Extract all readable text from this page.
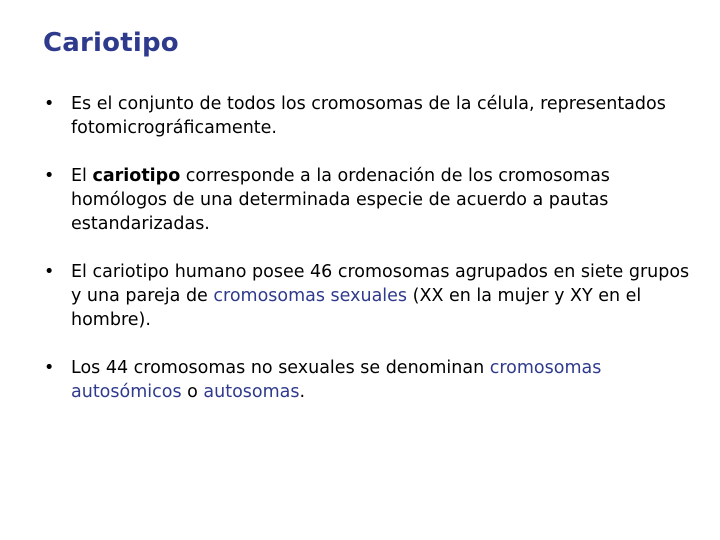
Cariotipo
• Es el conjunto de todos los cromosomas de la célula, representados fotomicrográficamente.
• El cariotipo corresponde a la ordenación de los cromosomas homólogos de una determinada especie de acuerdo a pautas estandarizadas.
• El cariotipo humano posee 46 cromosomas agrupados en siete grupos y una pareja de cromosomas sexuales (XX en la mujer y XY en el hombre).
• Los 44 cromosomas no sexuales se denominan cromosomas autosómicos o autosomas.
